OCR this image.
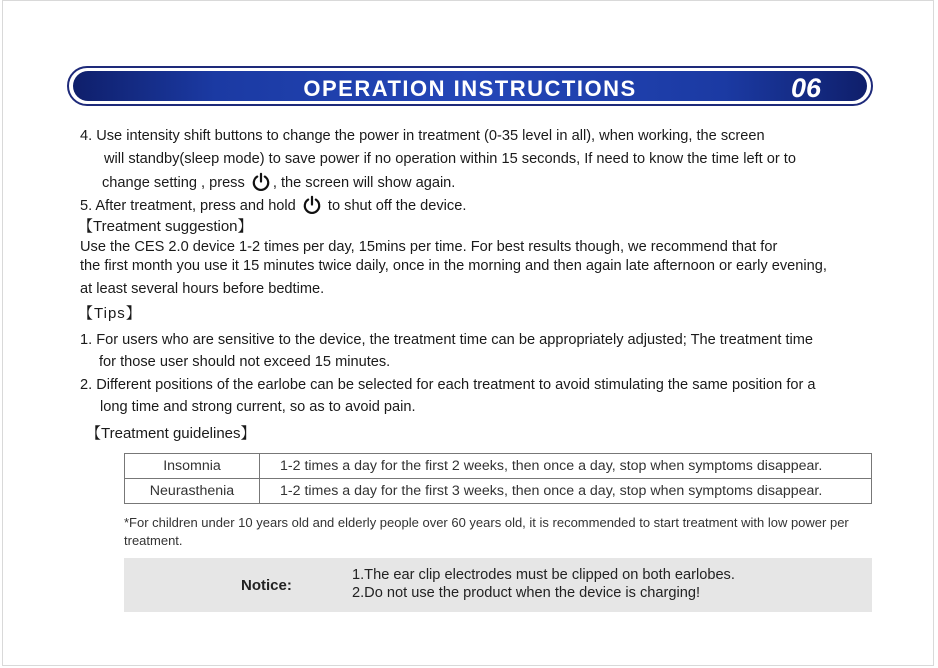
OPERATION INSTRUCTIONS	06
4. Use intensity shift buttons to change the power in treatment (0-35 level in all), when working, the screen
will standby(sleep mode) to save power if no operation within 15 seconds, If need to know the time left or to
change setting , press , the screen will show again.
5. After treatment, press and hold to shut off the device.
【Treatment suggestion】
Use the CES 2.0 device 1-2 times per day, 15mins per time. For best results though, we recommend that for
the first month you use it 15 minutes twice daily, once in the morning and then again late afternoon or early evening,
at least several hours before bedtime.
【Tips】
1. For users who are sensitive to the device, the treatment time can be appropriately adjusted; The treatment time
for those user should not exceed 15 minutes.
2. Different positions of the earlobe can be selected for each treatment to avoid stimulating the same position for a
long time and strong current, so as to avoid pain.
【Treatment guidelines】
Insomnia	1-2 times a day for the first 2 weeks, then once a day, stop when symptoms disappear.
Neurasthenia	1-2 times a day for the first 3 weeks, then once a day, stop when symptoms disappear.
*For children under 10 years old and elderly people over 60 years old, it is recommended to start treatment with low power per treatment.
Notice:
1.The ear clip electrodes must be clipped on both earlobes.
2.Do not use the product when the device is charging!
